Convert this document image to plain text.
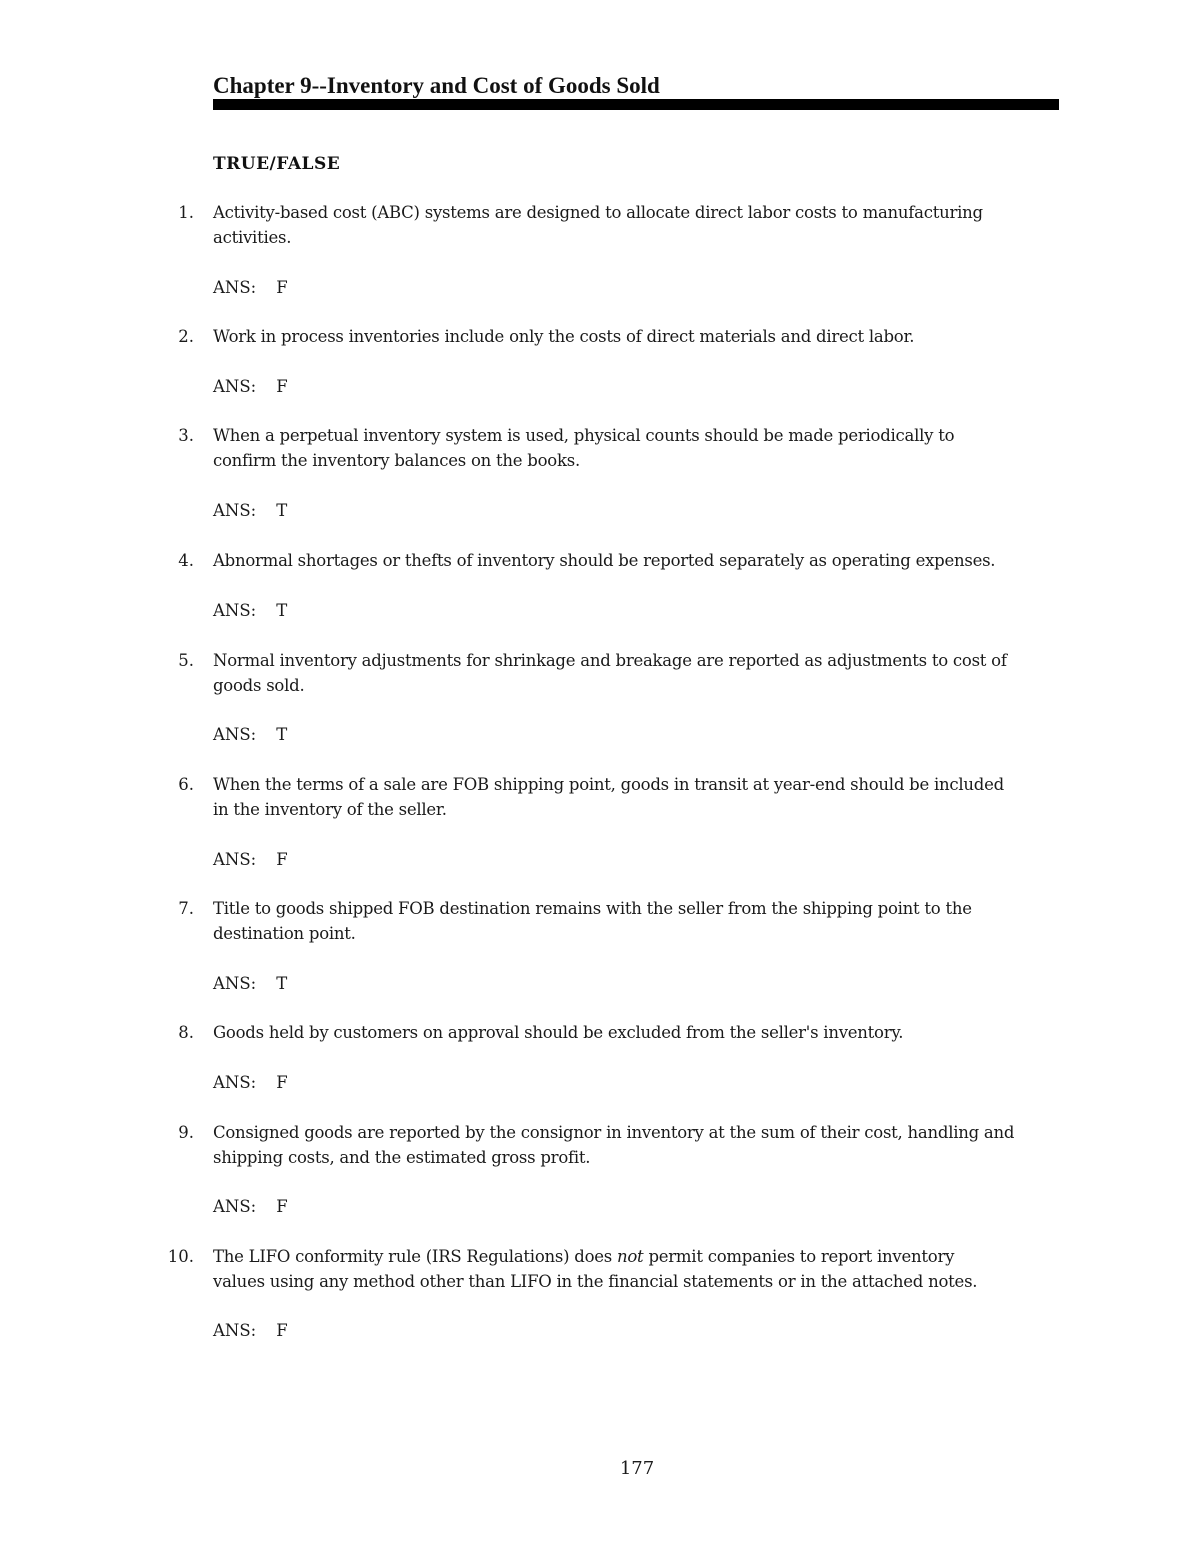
Chapter 9--Inventory and Cost of Goods Sold
TRUE/FALSE
1. Activity-based cost (ABC) systems are designed to allocate direct labor costs to manufacturing
activities.
ANS: F
2. Work in process inventories include only the costs of direct materials and direct labor.
ANS: F
3. When a perpetual inventory system is used, physical counts should be made periodically to
confirm the inventory balances on the books.
ANS: T
4. Abnormal shortages or thefts of inventory should be reported separately as operating expenses.
ANS: T
5. Normal inventory adjustments for shrinkage and breakage are reported as adjustments to cost of
goods sold.
ANS: T
6. When the terms of a sale are FOB shipping point, goods in transit at year-end should be included
in the inventory of the seller.
ANS: F
7. Title to goods shipped FOB destination remains with the seller from the shipping point to the
destination point.
ANS: T
8. Goods held by customers on approval should be excluded from the seller's inventory.
ANS: F
9. Consigned goods are reported by the consignor in inventory at the sum of their cost, handling and
shipping costs, and the estimated gross profit.
ANS: F
10. The LIFO conformity rule (IRS Regulations) does not permit companies to report inventory
values using any method other than LIFO in the financial statements or in the attached notes.
ANS: F
177
